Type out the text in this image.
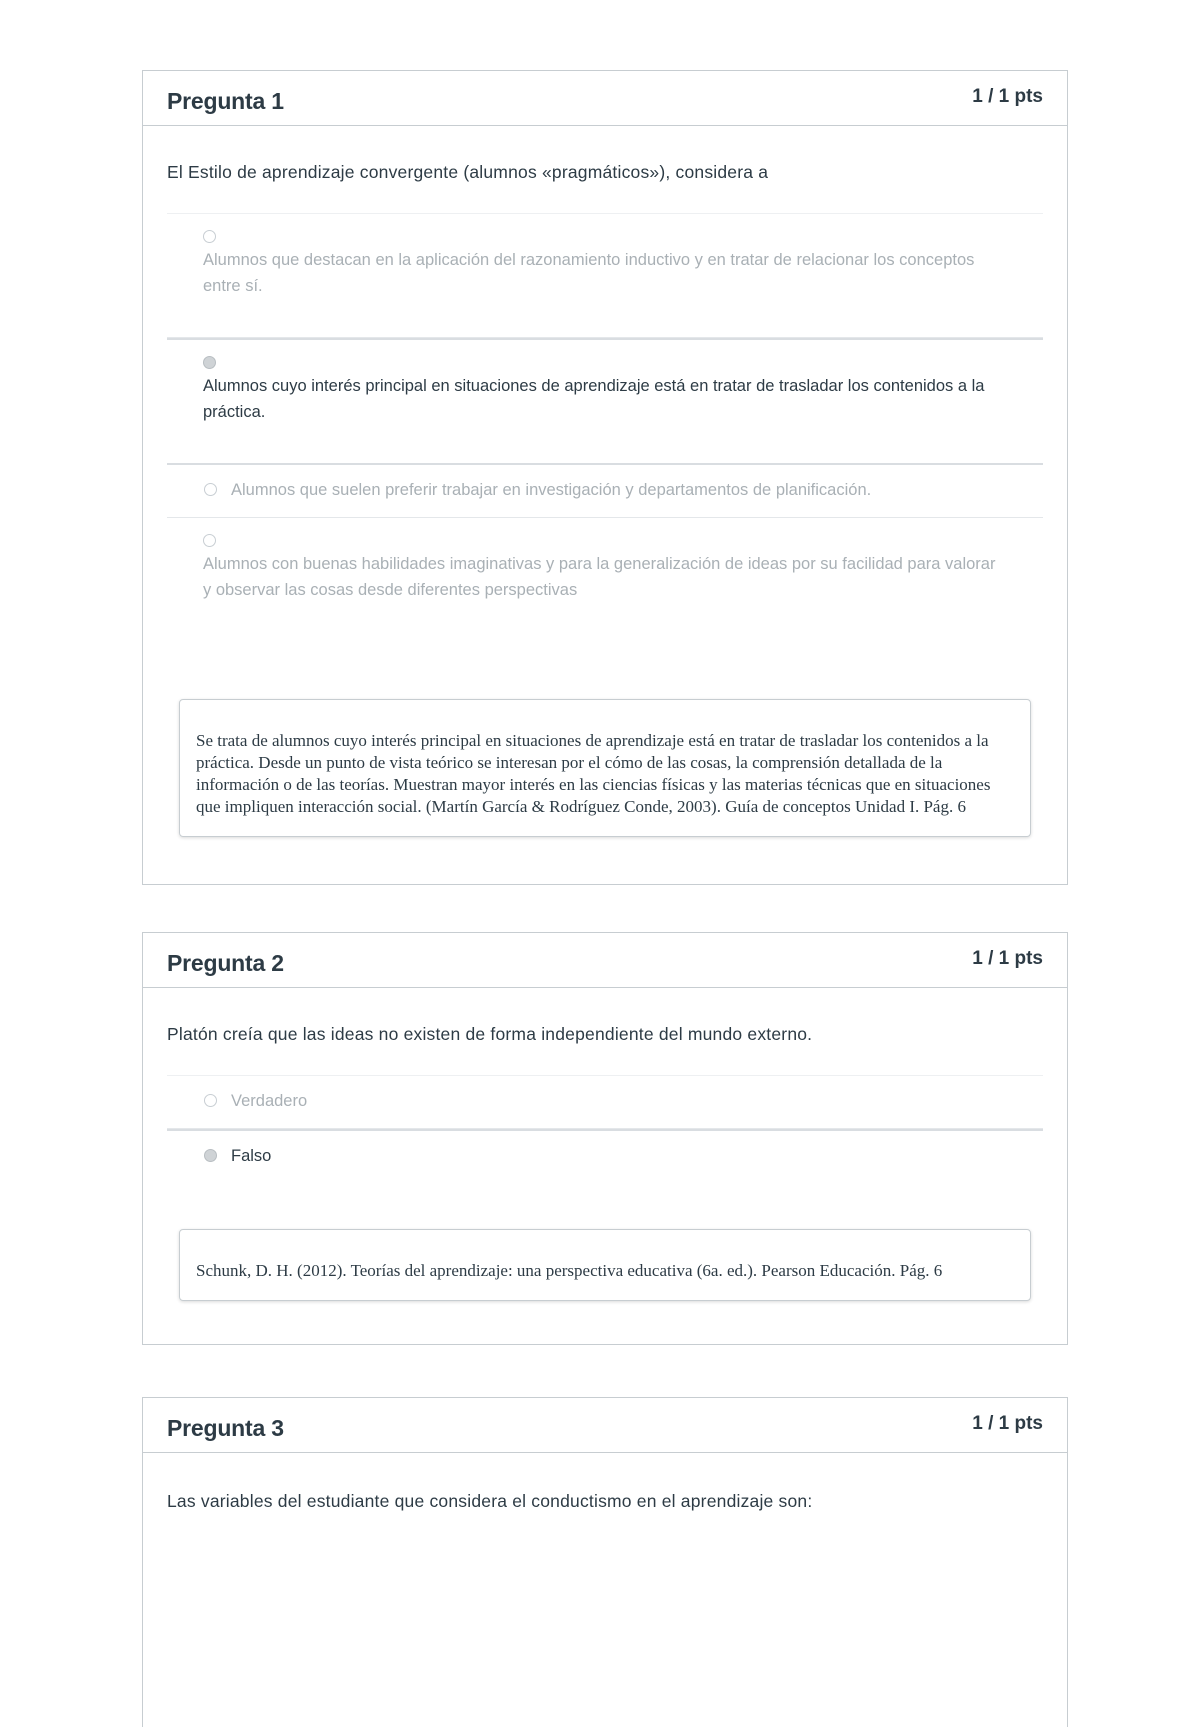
Pregunta 1	1 / 1 pts
El Estilo de aprendizaje convergente (alumnos «pragmáticos»), considera a
Alumnos que destacan en la aplicación del razonamiento inductivo y en tratar de relacionar los conceptos entre sí.
Alumnos cuyo interés principal en situaciones de aprendizaje está en tratar de trasladar los contenidos a la práctica.
Alumnos que suelen preferir trabajar en investigación y departamentos de planificación.
Alumnos con buenas habilidades imaginativas y para la generalización de ideas por su facilidad para valorar y observar las cosas desde diferentes perspectivas
Se trata de alumnos cuyo interés principal en situaciones de aprendizaje está en tratar de trasladar los contenidos a la práctica. Desde un punto de vista teórico se interesan por el cómo de las cosas, la comprensión detallada de la información o de las teorías. Muestran mayor interés en las ciencias físicas y las materias técnicas que en situaciones que impliquen interacción social. (Martín García & Rodríguez Conde, 2003). Guía de conceptos Unidad I. Pág. 6
Pregunta 2	1 / 1 pts
Platón creía que las ideas no existen de forma independiente del mundo externo.
Verdadero
Falso
Schunk, D. H. (2012). Teorías del aprendizaje: una perspectiva educativa (6a. ed.). Pearson Educación. Pág. 6
Pregunta 3	1 / 1 pts
Las variables del estudiante que considera el conductismo en el aprendizaje son:
